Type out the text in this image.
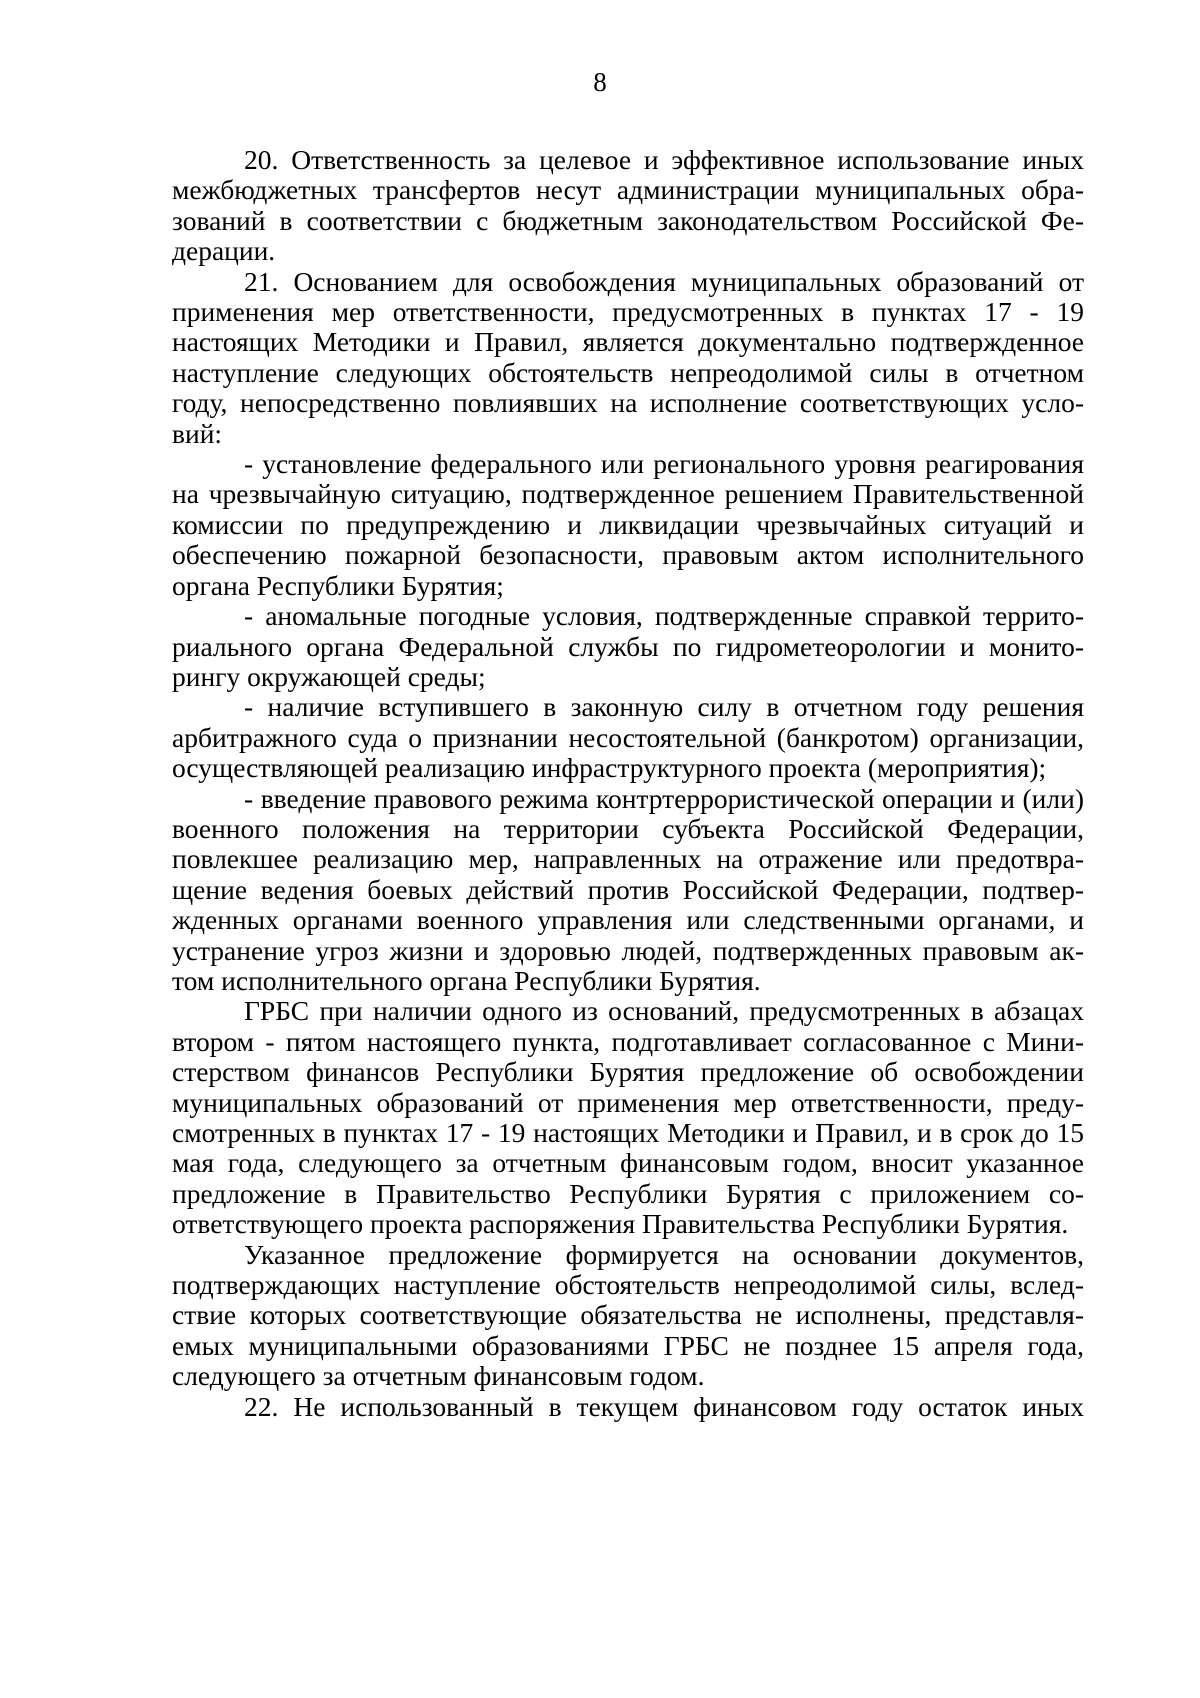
8

20. Ответственность за целевое и эффективное использование иных межбюджетных трансфертов несут администрации муниципальных образований в соответствии с бюджетным законодательством Российской Федерации.

21. Основанием для освобождения муниципальных образований от применения мер ответственности, предусмотренных в пунктах 17 - 19 настоящих Методики и Правил, является документально подтвержденное наступление следующих обстоятельств непреодолимой силы в отчетном году, непосредственно повлиявших на исполнение соответствующих условий:

- установление федерального или регионального уровня реагирования на чрезвычайную ситуацию, подтвержденное решением Правительственной комиссии по предупреждению и ликвидации чрезвычайных ситуаций и обеспечению пожарной безопасности, правовым актом исполнительного органа Республики Бурятия;

- аномальные погодные условия, подтвержденные справкой территориального органа Федеральной службы по гидрометеорологии и мониторингу окружающей среды;

- наличие вступившего в законную силу в отчетном году решения арбитражного суда о признании несостоятельной (банкротом) организации, осуществляющей реализацию инфраструктурного проекта (мероприятия);

- введение правового режима контртеррористической операции и (или) военного положения на территории субъекта Российской Федерации, повлекшее реализацию мер, направленных на отражение или предотвращение ведения боевых действий против Российской Федерации, подтвержденных органами военного управления или следственными органами, и устранение угроз жизни и здоровью людей, подтвержденных правовым актом исполнительного органа Республики Бурятия.

ГРБС при наличии одного из оснований, предусмотренных в абзацах втором - пятом настоящего пункта, подготавливает согласованное с Министерством финансов Республики Бурятия предложение об освобождении муниципальных образований от применения мер ответственности, предусмотренных в пунктах 17 - 19 настоящих Методики и Правил, и в срок до 15 мая года, следующего за отчетным финансовым годом, вносит указанное предложение в Правительство Республики Бурятия с приложением соответствующего проекта распоряжения Правительства Республики Бурятия.

Указанное предложение формируется на основании документов, подтверждающих наступление обстоятельств непреодолимой силы, вследствие которых соответствующие обязательства не исполнены, представляемых муниципальными образованиями ГРБС не позднее 15 апреля года, следующего за отчетным финансовым годом.

22. Не использованный в текущем финансовом году остаток иных
